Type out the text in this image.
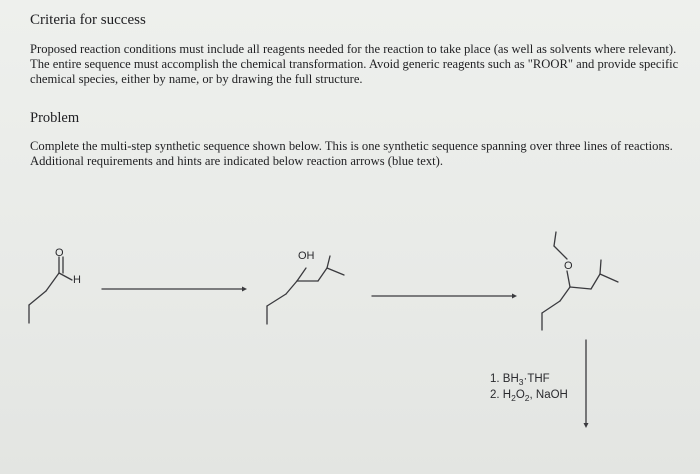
Criteria for success
Proposed reaction conditions must include all reagents needed for the reaction to take place (as well as solvents where relevant). The entire sequence must accomplish the chemical transformation. Avoid generic reagents such as "ROOR" and provide specific chemical species, either by name, or by drawing the full structure.
Problem
Complete the multi-step synthetic sequence shown below. This is one synthetic sequence spanning over three lines of reactions. Additional requirements and hints are indicated below reaction arrows (blue text).
O
H
OH
O
1. $BH_3\cdot THF$
2. $H_2O_2$, NaOH
